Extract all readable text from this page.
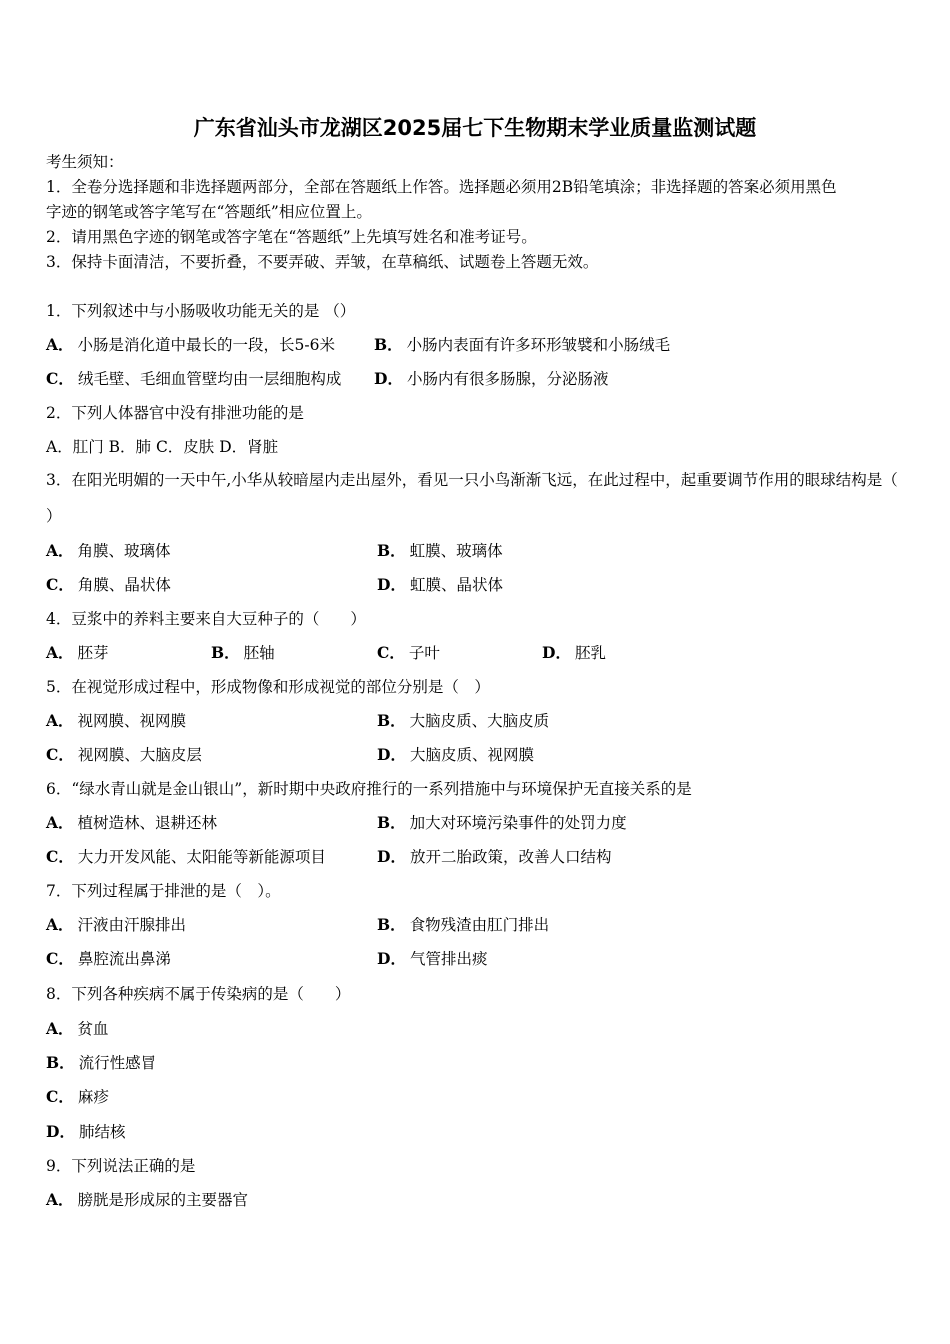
广东省汕头市龙湖区2025届七下生物期末学业质量监测试题
考生须知：
1．全卷分选择题和非选择题两部分，全部在答题纸上作答。选择题必须用2B铅笔填涂；非选择题的答案必须用黑色
字迹的钢笔或答字笔写在“答题纸”相应位置上。
2．请用黑色字迹的钢笔或答字笔在“答题纸”上先填写姓名和准考证号。
3．保持卡面清洁，不要折叠，不要弄破、弄皱，在草稿纸、试题卷上答题无效。
1．下列叙述中与小肠吸收功能无关的是 （）
A． 小肠是消化道中最长的一段，长5-6米	B． 小肠内表面有许多环形皱襞和小肠绒毛
C． 绒毛壁、毛细血管壁均由一层细胞构成 D． 小肠内有很多肠腺，分泌肠液
2．下列人体器官中没有排泄功能的是
A．肛门 B．肺 C．皮肤 D．肾脏
3．在阳光明媚的一天中午,小华从较暗屋内走出屋外，看见一只小鸟渐渐飞远，在此过程中，起重要调节作用的眼球结构是（ ）
A． 角膜、玻璃体	B． 虹膜、玻璃体
C． 角膜、晶状体	D． 虹膜、晶状体
4．豆浆中的养料主要来自大豆种子的（　　）
A． 胚芽	B． 胚轴	C． 子叶	D． 胚乳
5．在视觉形成过程中，形成物像和形成视觉的部位分别是（　）
A． 视网膜、视网膜	B． 大脑皮质、大脑皮质
C． 视网膜、大脑皮层	D． 大脑皮质、视网膜
6．“绿水青山就是金山银山”，新时期中央政府推行的一系列措施中与环境保护无直接关系的是
A． 植树造林、退耕还林	B． 加大对环境污染事件的处罚力度
C． 大力开发风能、太阳能等新能源项目	D． 放开二胎政策，改善人口结构
7．下列过程属于排泄的是（　）。
A． 汗液由汗腺排出	B． 食物残渣由肛门排出
C． 鼻腔流出鼻涕	D． 气管排出痰
8．下列各种疾病不属于传染病的是（　　）
A． 贫血
B． 流行性感冒
C． 麻疹
D． 肺结核
9．下列说法正确的是
A． 膀胱是形成尿的主要器官
